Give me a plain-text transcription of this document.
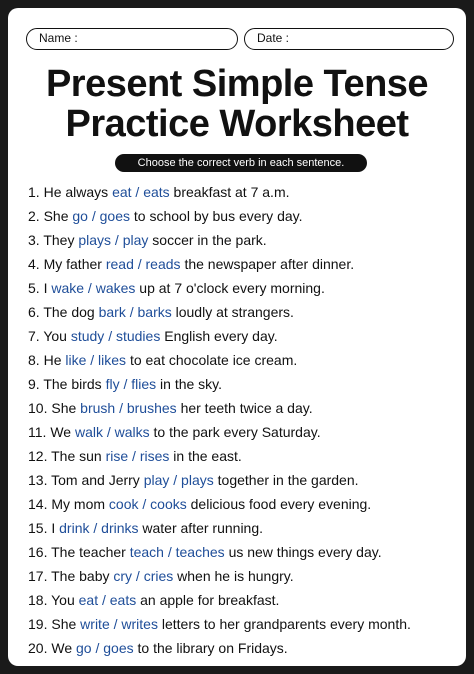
Name :	Date :
Present Simple Tense
Practice Worksheet
Choose the correct verb in each sentence.
1. He always eat / eats breakfast at 7 a.m.
2. She go / goes to school by bus every day.
3. They plays / play soccer in the park.
4. My father read / reads the newspaper after dinner.
5. I wake / wakes up at 7 o'clock every morning.
6. The dog bark / barks loudly at strangers.
7. You study / studies English every day.
8. He like / likes to eat chocolate ice cream.
9. The birds fly / flies in the sky.
10. She brush / brushes her teeth twice a day.
11. We walk / walks to the park every Saturday.
12. The sun rise / rises in the east.
13. Tom and Jerry play / plays together in the garden.
14. My mom cook / cooks delicious food every evening.
15. I drink / drinks water after running.
16. The teacher teach / teaches us new things every day.
17. The baby cry / cries when he is hungry.
18. You eat / eats an apple for breakfast.
19. She write / writes letters to her grandparents every month.
20. We go / goes to the library on Fridays.
